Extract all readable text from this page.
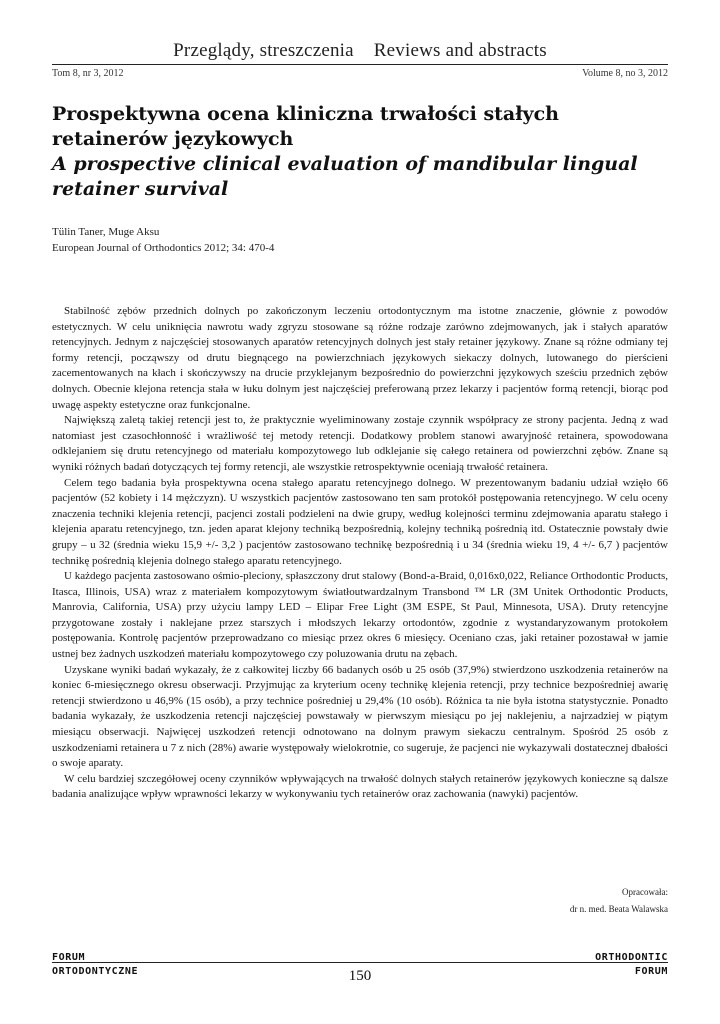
Przeglądy, streszczenia Reviews and abstracts
Tom 8, nr 3, 2012	Volume 8, no 3, 2012
Prospektywna ocena kliniczna trwałości stałych retainerów językowych
A prospective clinical evaluation of mandibular lingual retainer survival
Tülin Taner, Muge Aksu
European Journal of Orthodontics 2012; 34: 470-4

Stabilność zębów przednich dolnych po zakończonym leczeniu ortodontycznym ma istotne znaczenie, głównie z powodów estetycznych. W celu uniknięcia nawrotu wady zgryzu stosowane są różne rodzaje zarówno zdejmowanych, jak i stałych aparatów retencyjnych. Jednym z najczęściej stosowanych aparatów retencyjnych dolnych jest stały retainer językowy. Znane są różne odmiany tej formy retencji, począwszy od drutu biegnącego na powierzchniach językowych siekaczy dolnych, lutowanego do pierścieni zacementowanych na kłach i skończywszy na drucie przyklejanym bezpośrednio do powierzchni językowych sześciu przednich zębów dolnych. Obecnie klejona retencja stała w łuku dolnym jest najczęściej preferowaną przez lekarzy i pacjentów formą retencji, biorąc pod uwagę aspekty estetyczne oraz funkcjonalne.

Największą zaletą takiej retencji jest to, że praktycznie wyeliminowany zostaje czynnik współpracy ze strony pacjenta. Jedną z wad natomiast jest czasochłonność i wrażliwość tej metody retencji. Dodatkowy problem stanowi awaryjność retainera, spowodowana odklejaniem się drutu retencyjnego od materiału kompozytowego lub odklejanie się całego retainera od powierzchni zębów. Znane są wyniki różnych badań dotyczących tej formy retencji, ale wszystkie retrospektywnie oceniają trwałość retainera.

Celem tego badania była prospektywna ocena stałego aparatu retencyjnego dolnego. W prezentowanym badaniu udział wzięło 66 pacjentów (52 kobiety i 14 mężczyzn). U wszystkich pacjentów zastosowano ten sam protokół postępowania retencyjnego. W celu oceny znaczenia techniki klejenia retencji, pacjenci zostali podzieleni na dwie grupy, według kolejności terminu zdejmowania aparatu stałego i klejenia aparatu retencyjnego, tzn. jeden aparat klejony techniką bezpośrednią, kolejny techniką pośrednią itd. Ostatecznie powstały dwie grupy – u 32 (średnia wieku 15,9 +/- 3,2 ) pacjentów zastosowano technikę bezpośrednią i u 34 (średnia wieku 19, 4 +/- 6,7 ) pacjentów technikę pośrednią klejenia dolnego stałego aparatu retencyjnego.

U każdego pacjenta zastosowano ośmio-pleciony, spłaszczony drut stalowy (Bond-a-Braid, 0,016x0,022, Reliance Orthodontic Products, Itasca, Illinois, USA) wraz z materiałem kompozytowym światłoutwardzalnym Transbond ™ LR (3M Unitek Orthodontic Products, Manrovia, California, USA) przy użyciu lampy LED – Elipar Free Light (3M ESPE, St Paul, Minnesota, USA). Druty retencyjne przygotowane zostały i naklejane przez starszych i młodszych lekarzy ortodontów, zgodnie z wystandaryzowanym protokołem postępowania. Kontrolę pacjentów przeprowadzano co miesiąc przez okres 6 miesięcy. Oceniano czas, jaki retainer pozostawał w jamie ustnej bez żadnych uszkodzeń materiału kompozytowego czy poluzowania drutu na zębach.

Uzyskane wyniki badań wykazały, że z całkowitej liczby 66 badanych osób u 25 osób (37,9%) stwierdzono uszkodzenia retainerów na koniec 6-miesięcznego okresu obserwacji. Przyjmując za kryterium oceny technikę klejenia retencji, przy technice bezpośredniej awarię retencji stwierdzono u 46,9% (15 osób), a przy technice pośredniej u 29,4% (10 osób). Różnica ta nie była istotna statystycznie. Ponadto badania wykazały, że uszkodzenia retencji najczęściej powstawały w pierwszym miesiącu po jej naklejeniu, a najrzadziej w piątym miesiącu obserwacji. Najwięcej uszkodzeń retencji odnotowano na dolnym prawym siekaczu centralnym. Spośród 25 osób z uszkodzeniami retainera u 7 z nich (28%) awarie występowały wielokrotnie, co sugeruje, że pacjenci nie wykazywali dostatecznej dbałości o swoje aparaty.

W celu bardziej szczegółowej oceny czynników wpływających na trwałość dolnych stałych retainerów językowych konieczne są dalsze badania analizujące wpływ wprawności lekarzy w wykonywaniu tych retainerów oraz zachowania (nawyki) pacjentów.

Opracowała:
dr n. med. Beata Walawska
FORUM
ORTODONTYCZNE
ORTHODONTIC
FORUM
150
